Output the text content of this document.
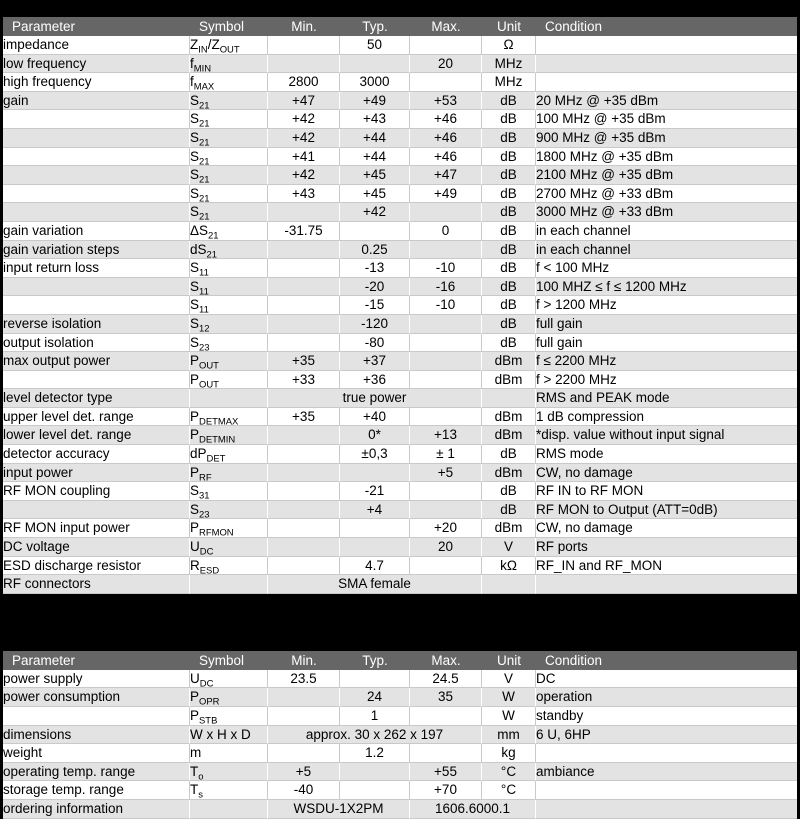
Parameter	Symbol	Min.	Typ.	Max.	Unit	Condition
impedance	$Z_{IN}/Z_{OUT}$		50		Ω	
low frequency	$f_{MIN}$			20	MHz	
high frequency	$f_{MAX}$	2800	3000		MHz	
gain	$S_{21}$	+47	+49	+53	dB	20 MHz @ +35 dBm
	$S_{21}$	+42	+43	+46	dB	100 MHz @ +35 dBm
	$S_{21}$	+42	+44	+46	dB	900 MHz @ +35 dBm
	$S_{21}$	+41	+44	+46	dB	1800 MHz @ +35 dBm
	$S_{21}$	+42	+45	+47	dB	2100 MHz @ +35 dBm
	$S_{21}$	+43	+45	+49	dB	2700 MHz @ +33 dBm
	$S_{21}$		+42		dB	3000 MHz @ +33 dBm
gain variation	$\Delta S_{21}$	-31.75		0	dB	in each channel
gain variation steps	$dS_{21}$		0.25		dB	in each channel
input return loss	$S_{11}$		-13	-10	dB	f < 100 MHz
	$S_{11}$		-20	-16	dB	100 MHZ ≤ f ≤ 1200 MHz
	$S_{11}$		-15	-10	dB	f > 1200 MHz
reverse isolation	$S_{12}$		-120		dB	full gain
output isolation	$S_{23}$		-80		dB	full gain
max output power	$P_{OUT}$	+35	+37		dBm	f ≤ 2200 MHz
	$P_{OUT}$	+33	+36		dBm	f > 2200 MHz
level detector type		true power				RMS and PEAK mode
upper level det. range	$P_{DETMAX}$	+35	+40		dBm	1 dB compression
lower level det. range	$P_{DETMIN}$		0*	+13	dBm	*disp. value without input signal
detector accuracy	$dP_{DET}$		±0,3	± 1	dB	RMS mode
input power	$P_{RF}$			+5	dBm	CW, no damage
RF MON coupling	$S_{31}$		-21		dB	RF IN to RF MON
	$S_{23}$		+4		dB	RF MON to Output (ATT=0dB)
RF MON input power	$P_{RFMON}$			+20	dBm	CW, no damage
DC voltage	$U_{DC}$			20	V	RF ports
ESD discharge resistor	$R_{ESD}$		4.7		kΩ	RF_IN and RF_MON
RF connectors		SMA female				
Parameter	Symbol	Min.	Typ.	Max.	Unit	Condition
power supply	$U_{DC}$	23.5		24.5	V	DC
power consumption	$P_{OPR}$		24	35	W	operation
	$P_{STB}$		1		W	standby
dimensions	W x H x D	approx. 30 x 262 x 197			mm	6 U, 6HP
weight	m		1.2		kg	
operating temp. range	$T_o$	+5		+55	°C	ambiance
storage temp. range	$T_s$	-40		+70	°C	
ordering information		WSDU-1X2PM		1606.6000.1		
